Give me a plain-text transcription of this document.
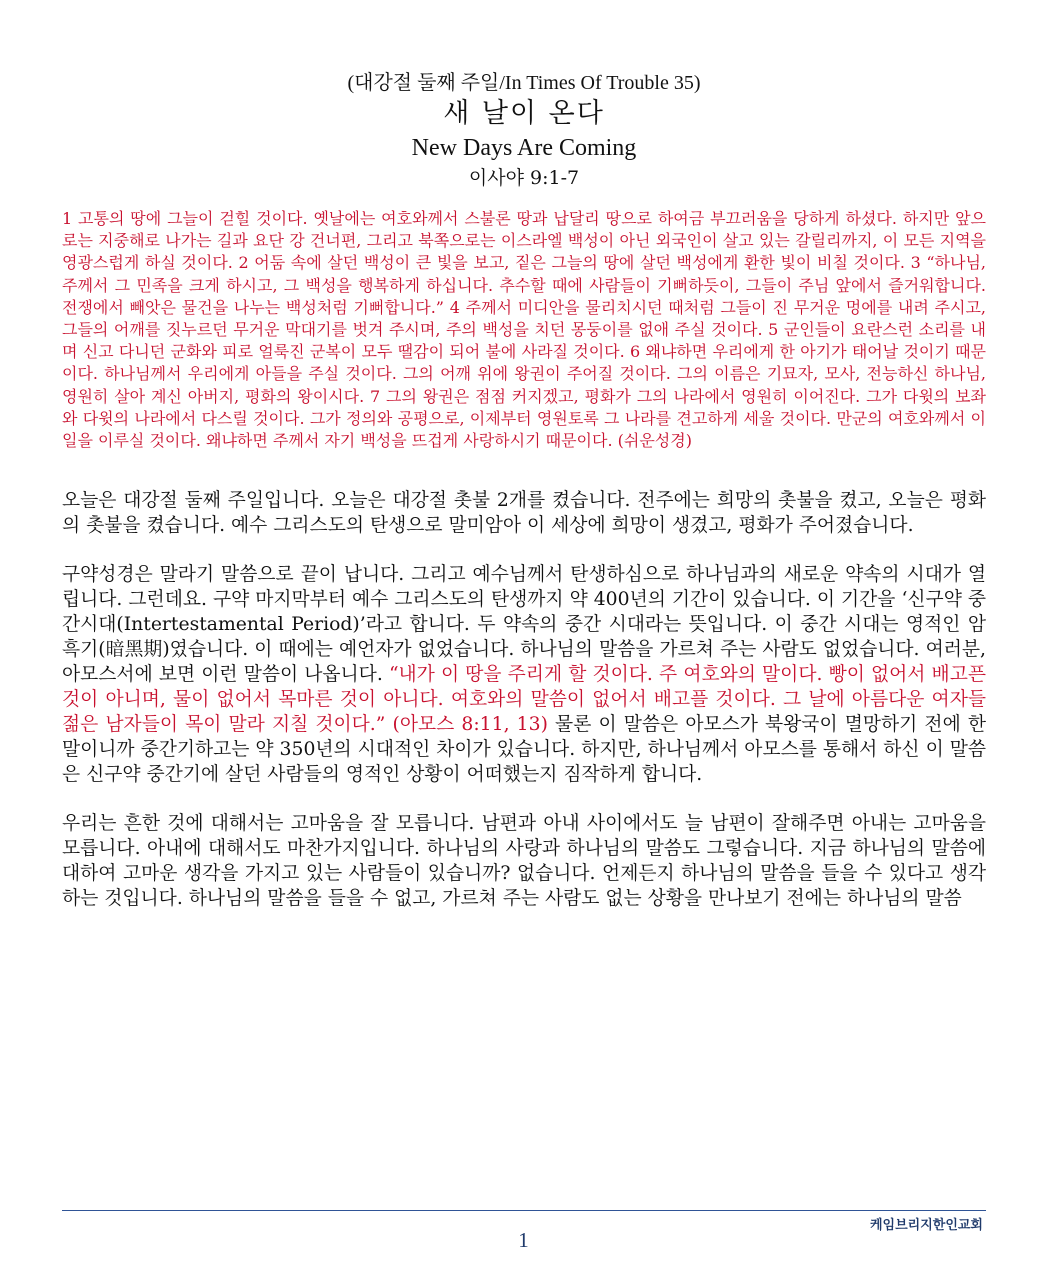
(대강절 둘째 주일/In Times Of Trouble 35)

새 날이 온다
New Days Are Coming

이사야 9:1-7

1 고통의 땅에 그늘이 걷힐 것이다. 옛날에는 여호와께서 스불론 땅과 납달리 땅으로 하여금 부끄러움을 당하게 하셨다. 하지만 앞으로는 지중해로 나가는 길과 요단 강 건너편, 그리고 북쪽으로는 이스라엘 백성이 아닌 외국인이 살고 있는 갈릴리까지, 이 모든 지역을 영광스럽게 하실 것이다. 2 어둠 속에 살던 백성이 큰 빛을 보고, 짙은 그늘의 땅에 살던 백성에게 환한 빛이 비칠 것이다. 3 “하나님, 주께서 그 민족을 크게 하시고, 그 백성을 행복하게 하십니다. 추수할 때에 사람들이 기뻐하듯이, 그들이 주님 앞에서 즐거워합니다. 전쟁에서 빼앗은 물건을 나누는 백성처럼 기뻐합니다.” 4 주께서 미디안을 물리치시던 때처럼 그들이 진 무거운 멍에를 내려 주시고, 그들의 어깨를 짓누르던 무거운 막대기를 벗겨 주시며, 주의 백성을 치던 몽둥이를 없애 주실 것이다. 5 군인들이 요란스런 소리를 내며 신고 다니던 군화와 피로 얼룩진 군복이 모두 땔감이 되어 불에 사라질 것이다. 6 왜냐하면 우리에게 한 아기가 태어날 것이기 때문이다. 하나님께서 우리에게 아들을 주실 것이다. 그의 어깨 위에 왕권이 주어질 것이다. 그의 이름은 기묘자, 모사, 전능하신 하나님, 영원히 살아 계신 아버지, 평화의 왕이시다. 7 그의 왕권은 점점 커지겠고, 평화가 그의 나라에서 영원히 이어진다. 그가 다윗의 보좌와 다윗의 나라에서 다스릴 것이다. 그가 정의와 공평으로, 이제부터 영원토록 그 나라를 견고하게 세울 것이다. 만군의 여호와께서 이 일을 이루실 것이다. 왜냐하면 주께서 자기 백성을 뜨겁게 사랑하시기 때문이다. (쉬운성경)

오늘은 대강절 둘째 주일입니다. 오늘은 대강절 촛불 2개를 켰습니다. 전주에는 희망의 촛불을 켰고, 오늘은 평화의 촛불을 켰습니다. 예수 그리스도의 탄생으로 말미암아 이 세상에 희망이 생겼고, 평화가 주어졌습니다.

구약성경은 말라기 말씀으로 끝이 납니다. 그리고 예수님께서 탄생하심으로 하나님과의 새로운 약속의 시대가 열립니다. 그런데요. 구약 마지막부터 예수 그리스도의 탄생까지 약 400년의 기간이 있습니다. 이 기간을 ‘신구약 중간시대(Intertestamental Period)’라고 합니다. 두 약속의 중간 시대라는 뜻입니다. 이 중간 시대는 영적인 암흑기(暗黑期)였습니다. 이 때에는 예언자가 없었습니다. 하나님의 말씀을 가르쳐 주는 사람도 없었습니다. 여러분, 아모스서에 보면 이런 말씀이 나옵니다. “내가 이 땅을 주리게 할 것이다. 주 여호와의 말이다. 빵이 없어서 배고픈 것이 아니며, 물이 없어서 목마른 것이 아니다. 여호와의 말씀이 없어서 배고플 것이다. 그 날에 아름다운 여자들 젊은 남자들이 목이 말라 지칠 것이다.” (아모스 8:11, 13) 물론 이 말씀은 아모스가 북왕국이 멸망하기 전에 한 말이니까 중간기하고는 약 350년의 시대적인 차이가 있습니다. 하지만, 하나님께서 아모스를 통해서 하신 이 말씀은 신구약 중간기에 살던 사람들의 영적인 상황이 어떠했는지 짐작하게 합니다.

우리는 흔한 것에 대해서는 고마움을 잘 모릅니다. 남편과 아내 사이에서도 늘 남편이 잘해주면 아내는 고마움을 모릅니다. 아내에 대해서도 마찬가지입니다. 하나님의 사랑과 하나님의 말씀도 그렇습니다. 지금 하나님의 말씀에 대하여 고마운 생각을 가지고 있는 사람들이 있습니까? 없습니다. 언제든지 하나님의 말씀을 들을 수 있다고 생각하는 것입니다. 하나님의 말씀을 들을 수 없고, 가르쳐 주는 사람도 없는 상황을 만나보기 전에는 하나님의 말씀

케임브리지한인교회
1
